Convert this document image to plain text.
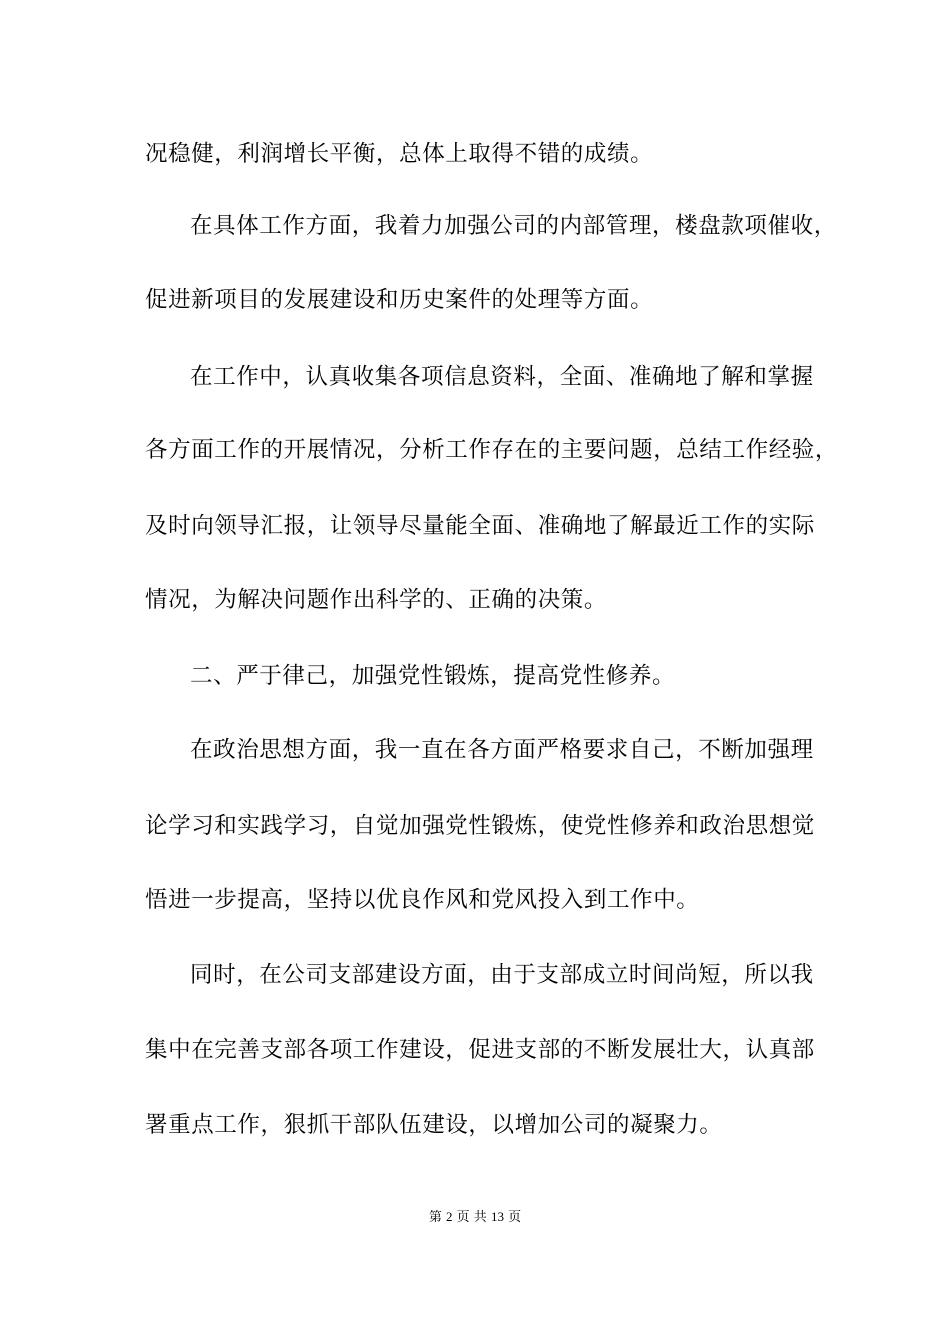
况稳健，利润增长平衡，总体上取得不错的成绩。
在具体工作方面，我着力加强公司的内部管理，楼盘款项催收，
促进新项目的发展建设和历史案件的处理等方面。
在工作中，认真收集各项信息资料，全面、准确地了解和掌握
各方面工作的开展情况，分析工作存在的主要问题，总结工作经验，
及时向领导汇报，让领导尽量能全面、准确地了解最近工作的实际
情况，为解决问题作出科学的、正确的决策。
二、严于律己，加强党性锻炼，提高党性修养。
在政治思想方面，我一直在各方面严格要求自己，不断加强理
论学习和实践学习，自觉加强党性锻炼，使党性修养和政治思想觉
悟进一步提高，坚持以优良作风和党风投入到工作中。
同时，在公司支部建设方面，由于支部成立时间尚短，所以我
集中在完善支部各项工作建设，促进支部的不断发展壮大，认真部
署重点工作，狠抓干部队伍建设，以增加公司的凝聚力。
第 2 页 共 13 页
